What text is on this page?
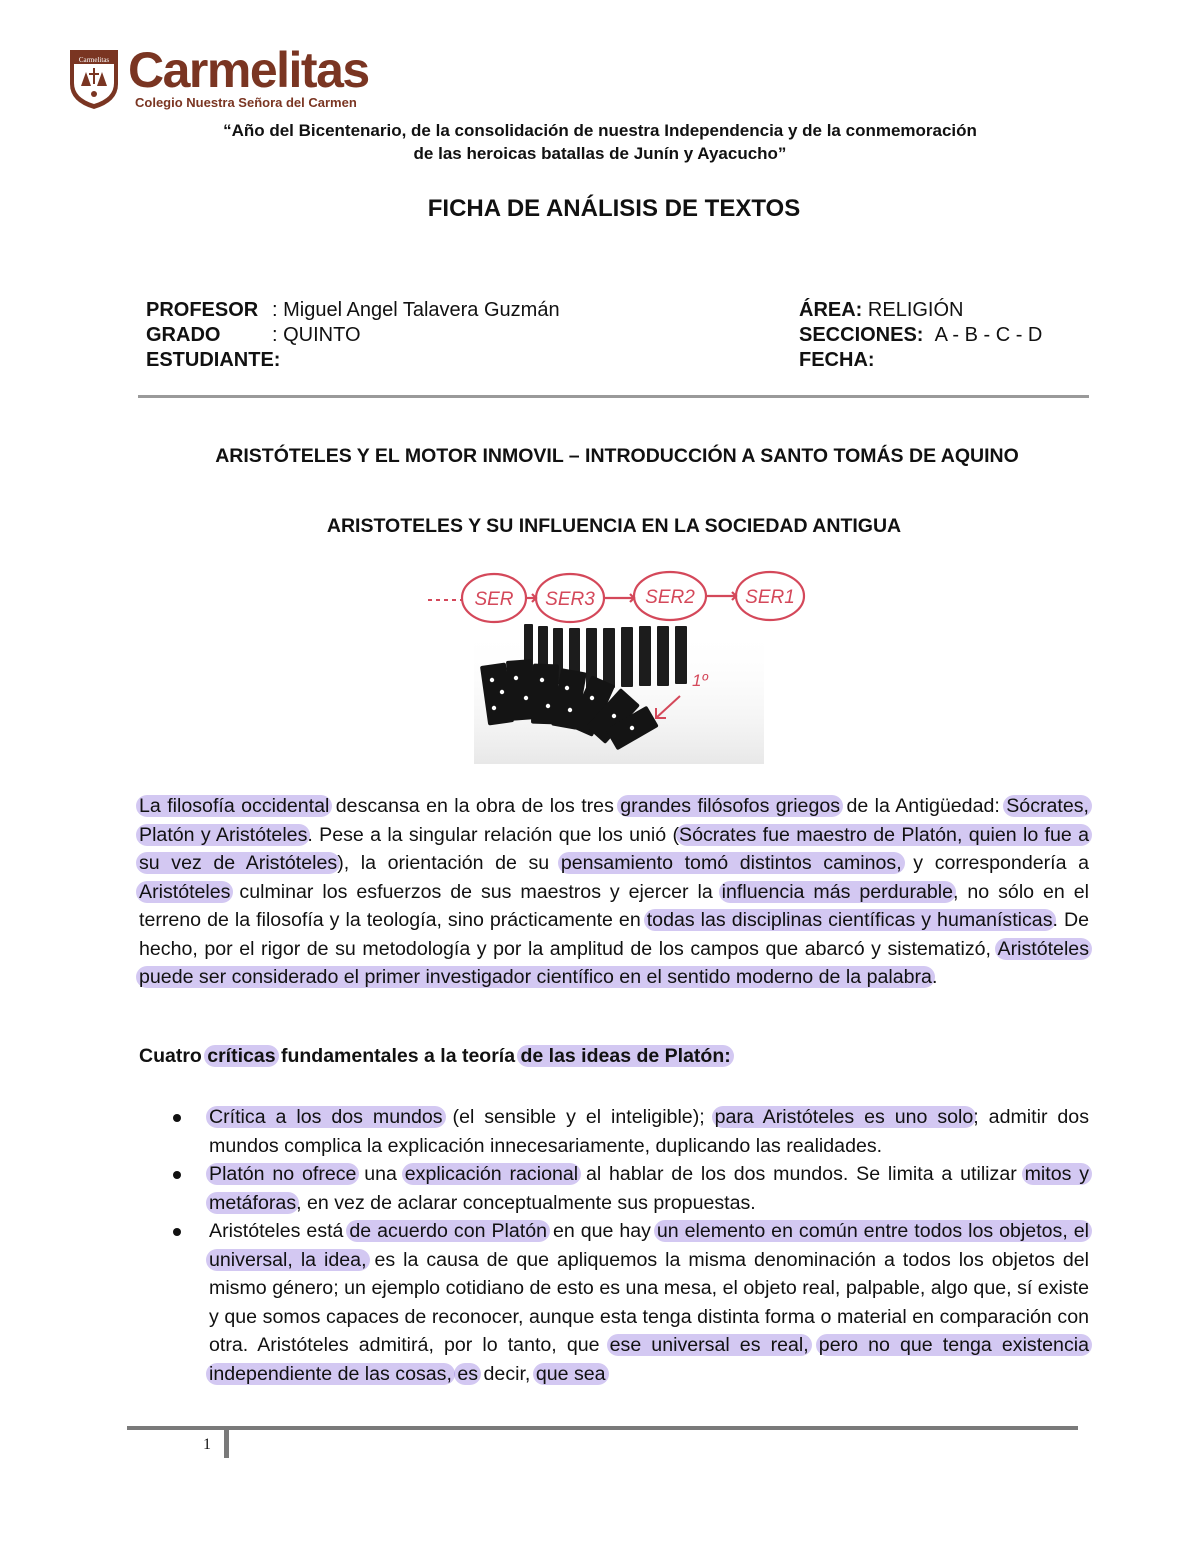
Carmelitas Carmelitas
Colegio Nuestra Señora del Carmen
“Año del Bicentenario, de la consolidación de nuestra Independencia y de la conmemoración
de las heroicas batallas de Junín y Ayacucho”
FICHA DE ANÁLISIS DE TEXTOS
PROFESOR : Miguel Angel Talavera Guzmán
GRADO	: QUINTO
ESTUDIANTE:
ÁREA: RELIGIÓN
SECCIONES: A - B - C - D
FECHA:
ARISTÓTELES Y EL MOTOR INMOVIL – INTRODUCCIÓN A SANTO TOMÁS DE AQUINO
ARISTOTELES Y SU INFLUENCIA EN LA SOCIEDAD ANTIGUA
SER SER3	SER2	SER1
1º

La filosofía occidental descansa en la obra de los tres grandes filósofos griegos de la Antigüedad: Sócrates, Platón y Aristóteles. Pese a la singular relación que los unió (Sócrates fue maestro de Platón, quien lo fue a su vez de Aristóteles), la orientación de su pensamiento tomó distintos caminos, y correspondería a Aristóteles culminar los esfuerzos de sus maestros y ejercer la influencia más perdurable, no sólo en el terreno de la filosofía y la teología, sino prácticamente en todas las disciplinas científicas y humanísticas. De hecho, por el rigor de su metodología y por la amplitud de los campos que abarcó y sistematizó, Aristóteles puede ser considerado el primer investigador científico en el sentido moderno de la palabra.

Cuatro críticas fundamentales a la teoría de las ideas de Platón:
Crítica a los dos mundos (el sensible y el inteligible); para Aristóteles es uno solo; admitir dos mundos complica la explicación innecesariamente, duplicando las realidades.
Platón no ofrece una explicación racional al hablar de los dos mundos. Se limita a utilizar mitos y metáforas, en vez de aclarar conceptualmente sus propuestas.
Aristóteles está de acuerdo con Platón en que hay un elemento en común entre todos los objetos, el universal, la idea, es la causa de que apliquemos la misma denominación a todos los objetos del mismo género; un ejemplo cotidiano de esto es una mesa, el objeto real, palpable, algo que, sí existe y que somos capaces de reconocer, aunque esta tenga distinta forma o material en comparación con otra. Aristóteles admitirá, por lo tanto, que ese universal es real, pero no que tenga existencia independiente de las cosas, es decir, que sea
1
